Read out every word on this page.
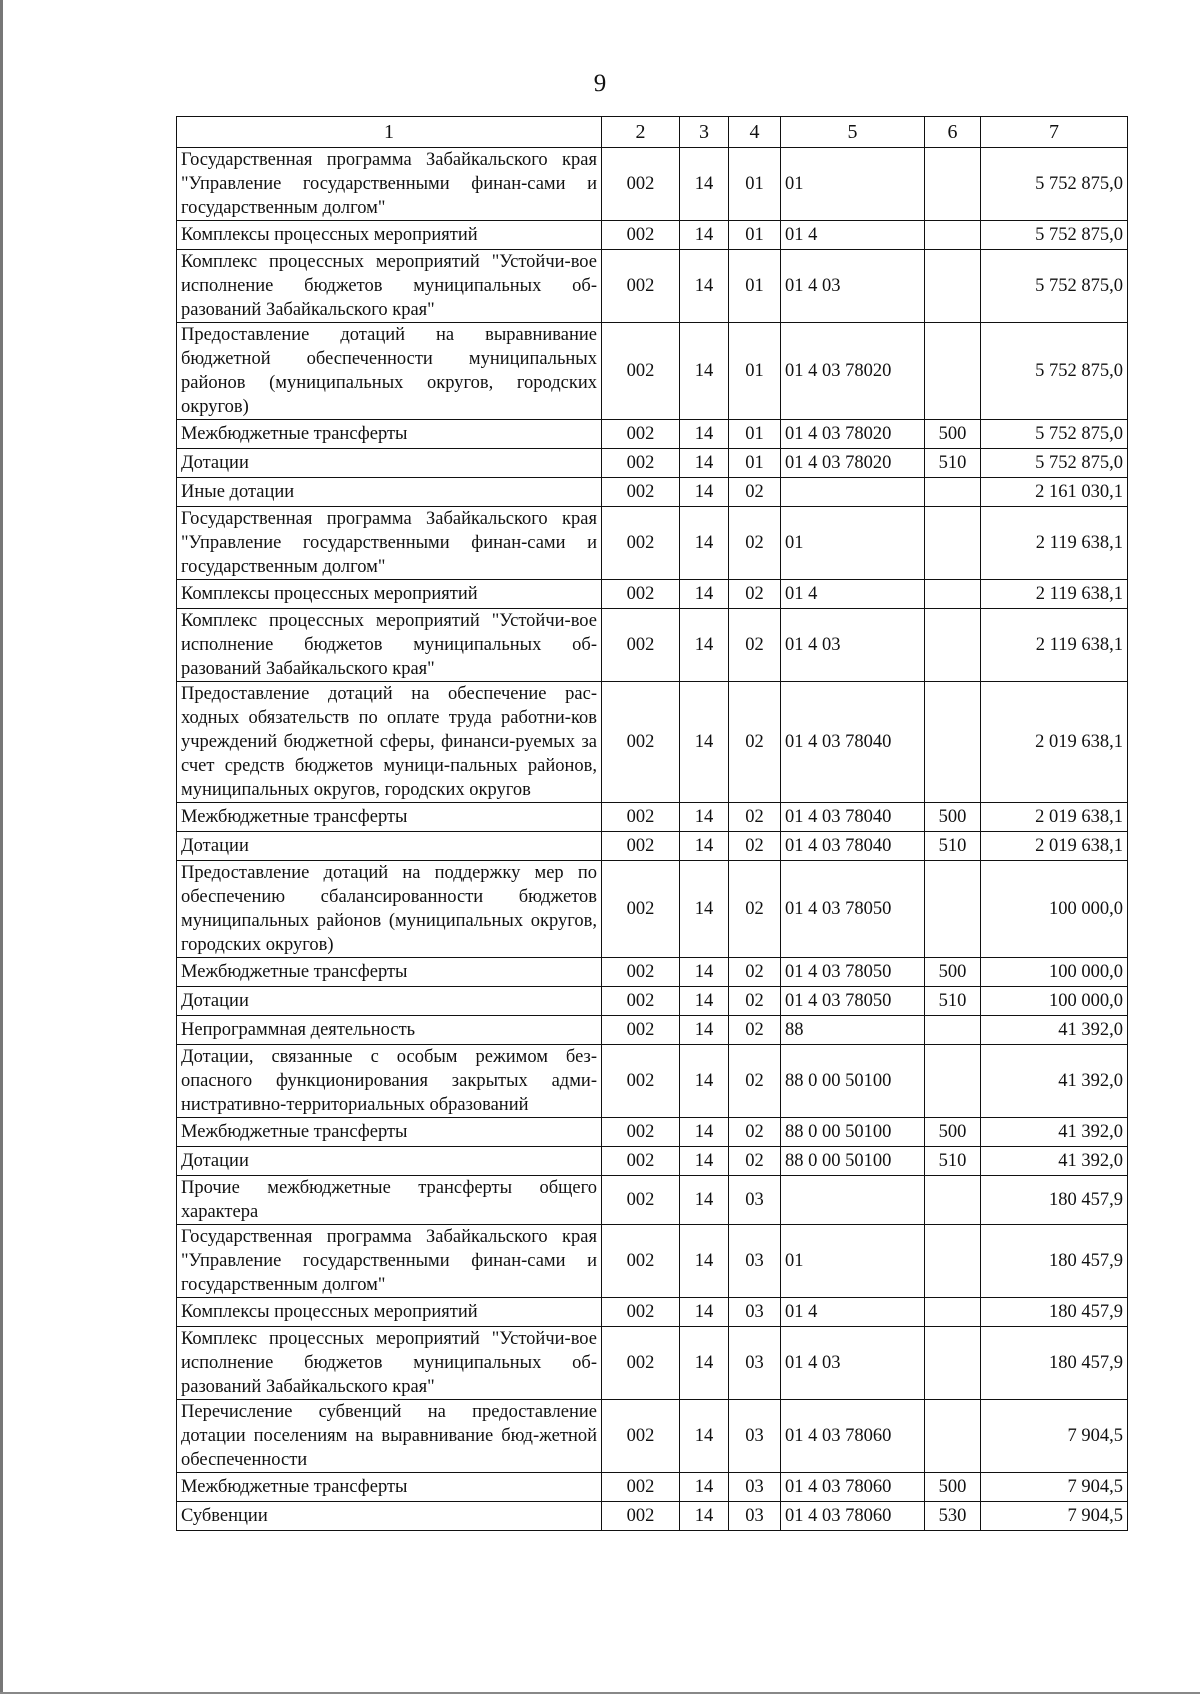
9
1	2	3	4	5	6	7
Государственная программа Забайкальского края "Управление государственными финан-сами и государственным долгом"	002	14	01	01		5 752 875,0
Комплексы процессных мероприятий	002	14	01	01 4		5 752 875,0
Комплекс процессных мероприятий "Устойчи-вое исполнение бюджетов муниципальных об-разований Забайкальского края"	002	14	01	01 4 03		5 752 875,0
Предоставление дотаций на выравнивание бюджетной обеспеченности муниципальных районов (муниципальных округов, городских округов)	002	14	01	01 4 03 78020		5 752 875,0
Межбюджетные трансферты	002	14	01	01 4 03 78020	500	5 752 875,0
Дотации	002	14	01	01 4 03 78020	510	5 752 875,0
Иные дотации	002	14	02			2 161 030,1
Государственная программа Забайкальского края "Управление государственными финан-сами и государственным долгом"	002	14	02	01		2 119 638,1
Комплексы процессных мероприятий	002	14	02	01 4		2 119 638,1
Комплекс процессных мероприятий "Устойчи-вое исполнение бюджетов муниципальных об-разований Забайкальского края"	002	14	02	01 4 03		2 119 638,1
Предоставление дотаций на обеспечение рас-ходных обязательств по оплате труда работни-ков учреждений бюджетной сферы, финанси-руемых за счет средств бюджетов муници-пальных районов, муниципальных округов, городских округов	002	14	02	01 4 03 78040		2 019 638,1
Межбюджетные трансферты	002	14	02	01 4 03 78040	500	2 019 638,1
Дотации	002	14	02	01 4 03 78040	510	2 019 638,1
Предоставление дотаций на поддержку мер по обеспечению сбалансированности бюджетов муниципальных районов (муниципальных округов, городских округов)	002	14	02	01 4 03 78050		100 000,0
Межбюджетные трансферты	002	14	02	01 4 03 78050	500	100 000,0
Дотации	002	14	02	01 4 03 78050	510	100 000,0
Непрограммная деятельность	002	14	02	88		41 392,0
Дотации, связанные с особым режимом без-опасного функционирования закрытых адми-нистративно-территориальных образований	002	14	02	88 0 00 50100		41 392,0
Межбюджетные трансферты	002	14	02	88 0 00 50100	500	41 392,0
Дотации	002	14	02	88 0 00 50100	510	41 392,0
Прочие межбюджетные трансферты общего характера	002	14	03			180 457,9
Государственная программа Забайкальского края "Управление государственными финан-сами и государственным долгом"	002	14	03	01		180 457,9
Комплексы процессных мероприятий	002	14	03	01 4		180 457,9
Комплекс процессных мероприятий "Устойчи-вое исполнение бюджетов муниципальных об-разований Забайкальского края"	002	14	03	01 4 03		180 457,9
Перечисление субвенций на предоставление дотации поселениям на выравнивание бюд-жетной обеспеченности	002	14	03	01 4 03 78060		7 904,5
Межбюджетные трансферты	002	14	03	01 4 03 78060	500	7 904,5
Субвенции	002	14	03	01 4 03 78060	530	7 904,5
